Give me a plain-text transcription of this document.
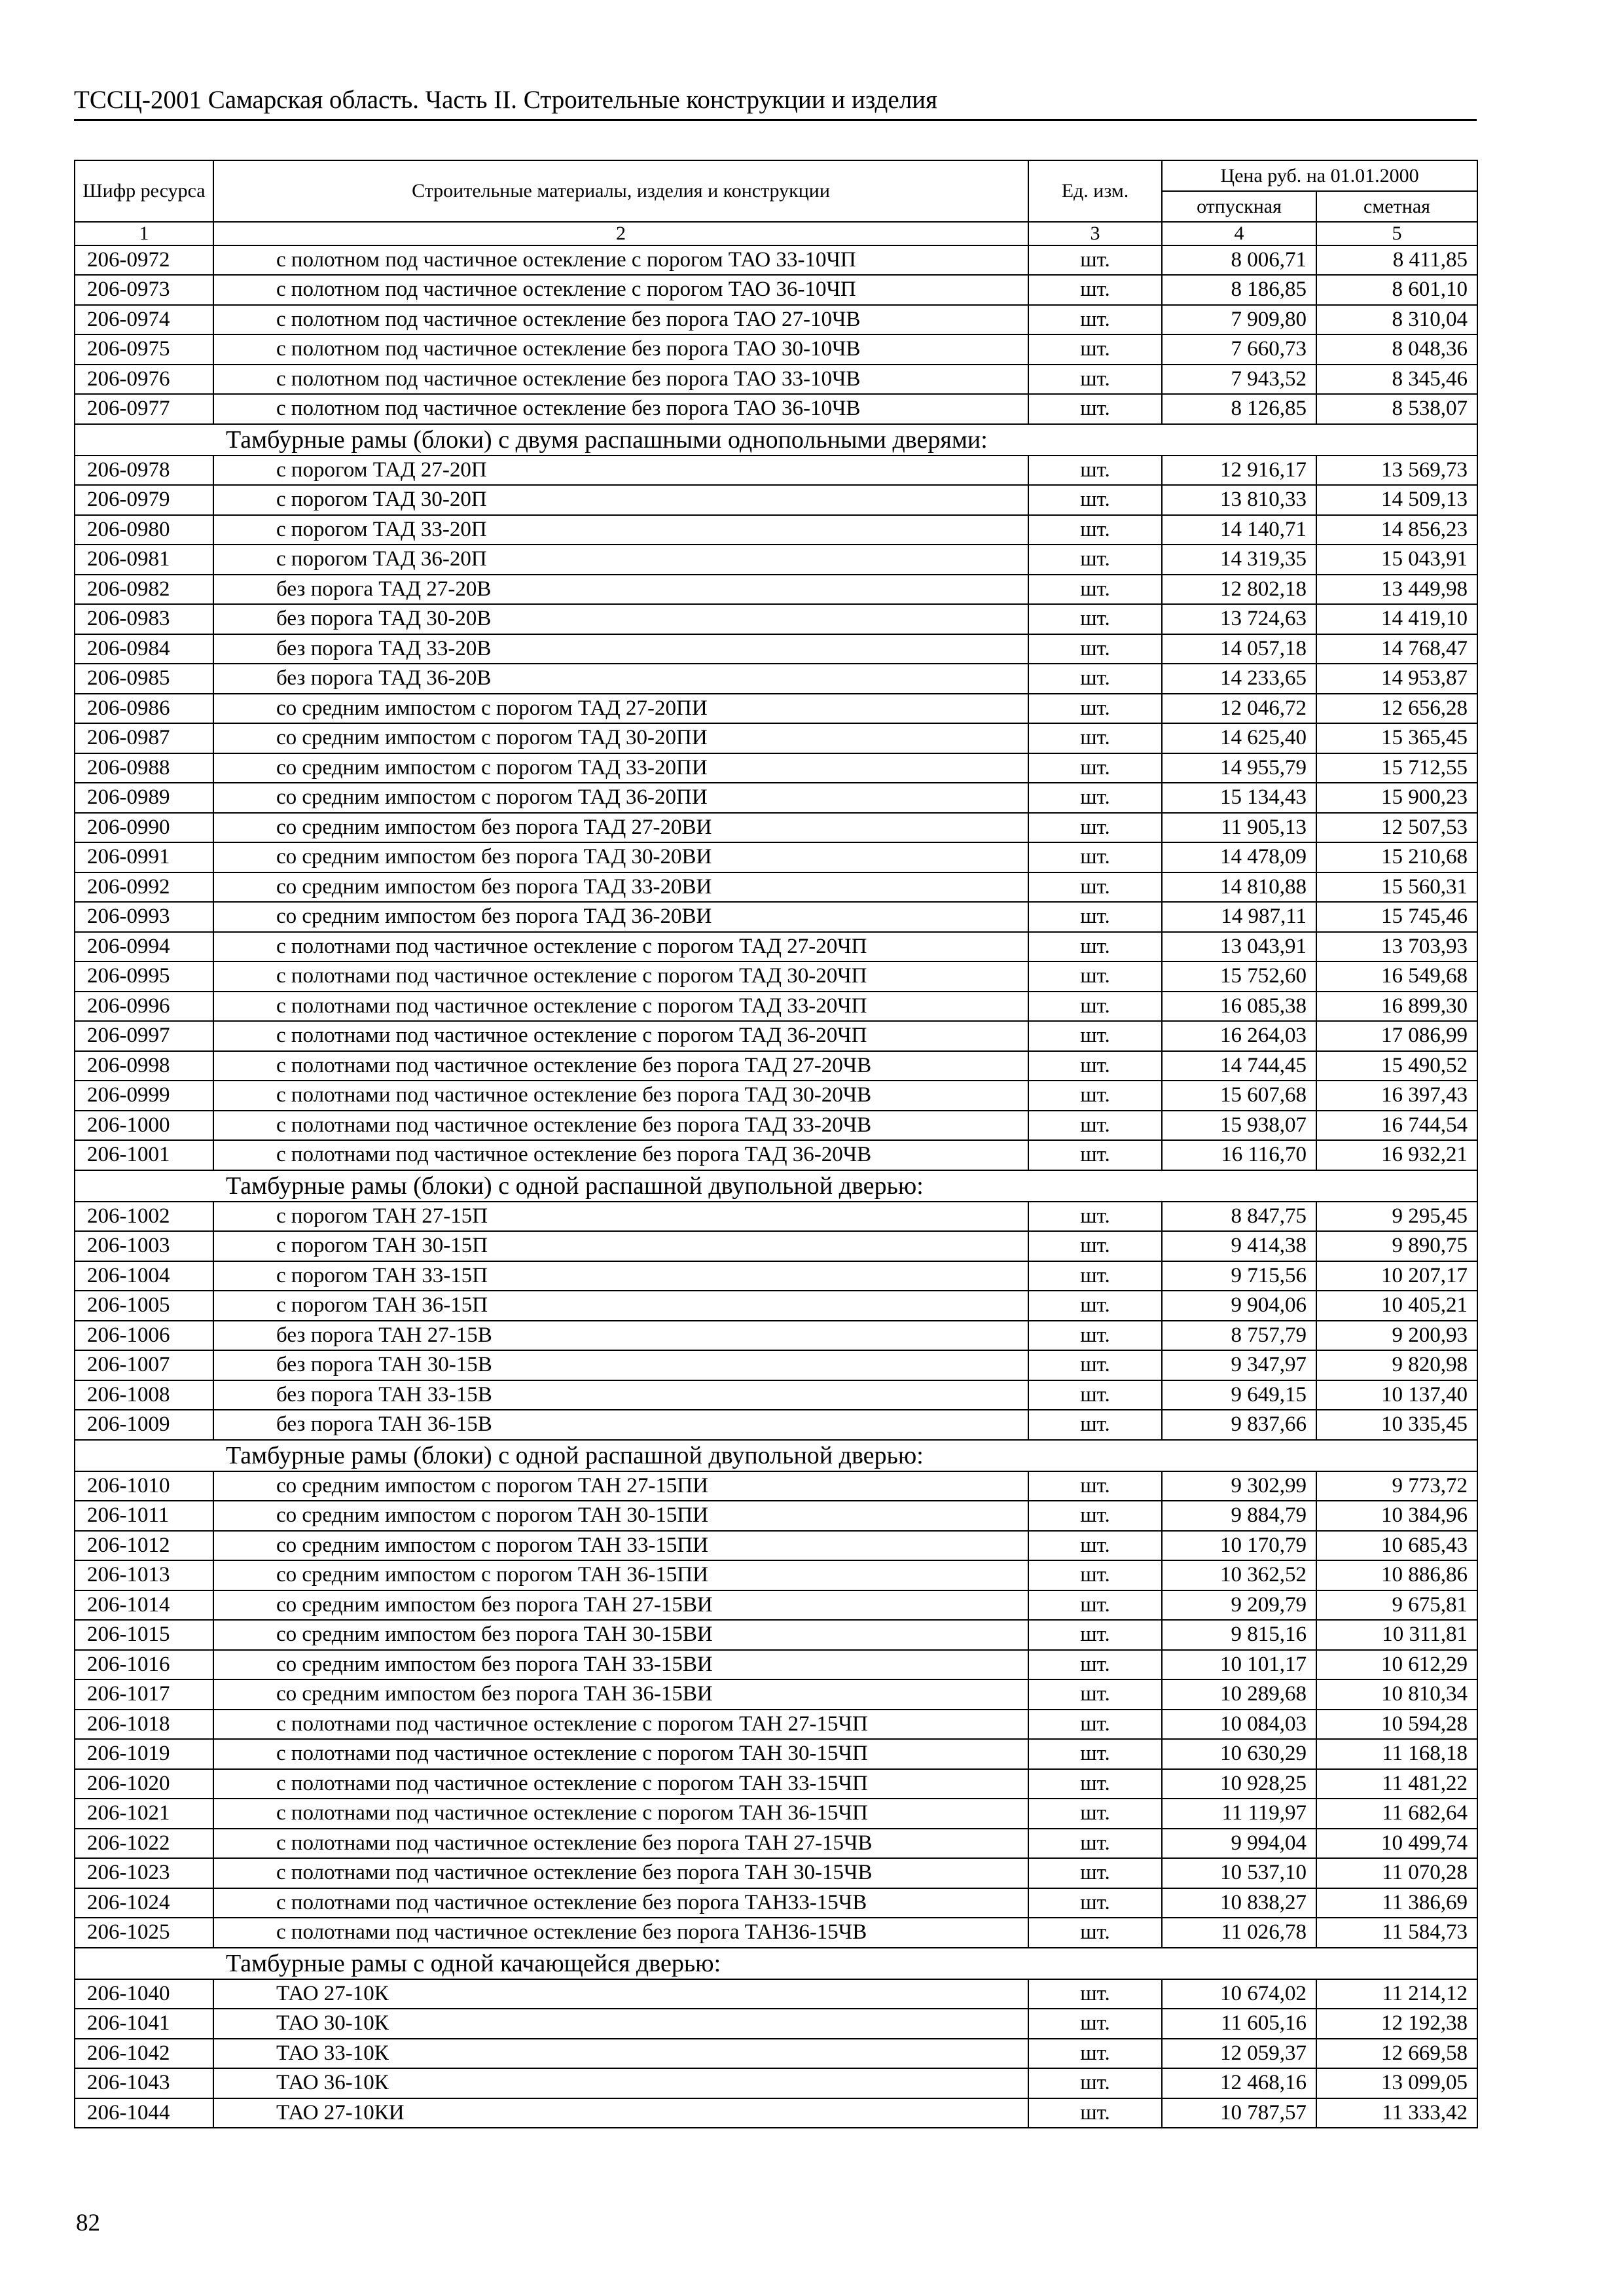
ТССЦ-2001 Самарская область. Часть II. Строительные конструкции и изделия
Шифр ресурса	Строительные материалы, изделия и конструкции	Ед. изм.	Цена руб. на 01.01.2000	
			отпускная	сметная
1	2	3	4	5
206-0972	с полотном под частичное остекление с порогом ТАО 33-10ЧП	шт.	8 006,71	8 411,85
206-0973	с полотном под частичное остекление с порогом ТАО 36-10ЧП	шт.	8 186,85	8 601,10
206-0974	с полотном под частичное остекление без порога ТАО 27-10ЧВ	шт.	7 909,80	8 310,04
206-0975	с полотном под частичное остекление без порога ТАО 30-10ЧВ	шт.	7 660,73	8 048,36
206-0976	с полотном под частичное остекление без порога ТАО 33-10ЧВ	шт.	7 943,52	8 345,46
206-0977	с полотном под частичное остекление без порога ТАО 36-10ЧВ	шт.	8 126,85	8 538,07
Тамбурные рамы (блоки) с двумя распашными однопольными дверями:				
206-0978	с порогом ТАД 27-20П	шт.	12 916,17	13 569,73
206-0979	с порогом ТАД 30-20П	шт.	13 810,33	14 509,13
206-0980	с порогом ТАД 33-20П	шт.	14 140,71	14 856,23
206-0981	с порогом ТАД 36-20П	шт.	14 319,35	15 043,91
206-0982	без порога ТАД 27-20В	шт.	12 802,18	13 449,98
206-0983	без порога ТАД 30-20В	шт.	13 724,63	14 419,10
206-0984	без порога ТАД 33-20В	шт.	14 057,18	14 768,47
206-0985	без порога ТАД 36-20В	шт.	14 233,65	14 953,87
206-0986	со средним импостом с порогом ТАД 27-20ПИ	шт.	12 046,72	12 656,28
206-0987	со средним импостом с порогом ТАД 30-20ПИ	шт.	14 625,40	15 365,45
206-0988	со средним импостом с порогом ТАД 33-20ПИ	шт.	14 955,79	15 712,55
206-0989	со средним импостом с порогом ТАД 36-20ПИ	шт.	15 134,43	15 900,23
206-0990	со средним импостом без порога ТАД 27-20ВИ	шт.	11 905,13	12 507,53
206-0991	со средним импостом без порога ТАД 30-20ВИ	шт.	14 478,09	15 210,68
206-0992	со средним импостом без порога ТАД 33-20ВИ	шт.	14 810,88	15 560,31
206-0993	со средним импостом без порога ТАД 36-20ВИ	шт.	14 987,11	15 745,46
206-0994	с полотнами под частичное остекление с порогом ТАД 27-20ЧП	шт.	13 043,91	13 703,93
206-0995	с полотнами под частичное остекление с порогом ТАД 30-20ЧП	шт.	15 752,60	16 549,68
206-0996	с полотнами под частичное остекление с порогом ТАД 33-20ЧП	шт.	16 085,38	16 899,30
206-0997	с полотнами под частичное остекление с порогом ТАД 36-20ЧП	шт.	16 264,03	17 086,99
206-0998	с полотнами под частичное остекление без порога ТАД 27-20ЧВ	шт.	14 744,45	15 490,52
206-0999	с полотнами под частичное остекление без порога ТАД 30-20ЧВ	шт.	15 607,68	16 397,43
206-1000	с полотнами под частичное остекление без порога ТАД 33-20ЧВ	шт.	15 938,07	16 744,54
206-1001	с полотнами под частичное остекление без порога ТАД 36-20ЧВ	шт.	16 116,70	16 932,21
Тамбурные рамы (блоки) с одной распашной двупольной дверью:				
206-1002	с порогом ТАН 27-15П	шт.	8 847,75	9 295,45
206-1003	с порогом ТАН 30-15П	шт.	9 414,38	9 890,75
206-1004	с порогом ТАН 33-15П	шт.	9 715,56	10 207,17
206-1005	с порогом ТАН 36-15П	шт.	9 904,06	10 405,21
206-1006	без порога ТАН 27-15В	шт.	8 757,79	9 200,93
206-1007	без порога ТАН 30-15В	шт.	9 347,97	9 820,98
206-1008	без порога ТАН 33-15В	шт.	9 649,15	10 137,40
206-1009	без порога ТАН 36-15В	шт.	9 837,66	10 335,45
Тамбурные рамы (блоки) с одной распашной двупольной дверью:				
206-1010	со средним импостом с порогом ТАН 27-15ПИ	шт.	9 302,99	9 773,72
206-1011	со средним импостом с порогом ТАН 30-15ПИ	шт.	9 884,79	10 384,96
206-1012	со средним импостом с порогом ТАН 33-15ПИ	шт.	10 170,79	10 685,43
206-1013	со средним импостом с порогом ТАН 36-15ПИ	шт.	10 362,52	10 886,86
206-1014	со средним импостом без порога ТАН 27-15ВИ	шт.	9 209,79	9 675,81
206-1015	со средним импостом без порога ТАН 30-15ВИ	шт.	9 815,16	10 311,81
206-1016	со средним импостом без порога ТАН 33-15ВИ	шт.	10 101,17	10 612,29
206-1017	со средним импостом без порога ТАН 36-15ВИ	шт.	10 289,68	10 810,34
206-1018	с полотнами под частичное остекление с порогом ТАН 27-15ЧП	шт.	10 084,03	10 594,28
206-1019	с полотнами под частичное остекление с порогом ТАН 30-15ЧП	шт.	10 630,29	11 168,18
206-1020	с полотнами под частичное остекление с порогом ТАН 33-15ЧП	шт.	10 928,25	11 481,22
206-1021	с полотнами под частичное остекление с порогом ТАН 36-15ЧП	шт.	11 119,97	11 682,64
206-1022	с полотнами под частичное остекление без порога ТАН 27-15ЧВ	шт.	9 994,04	10 499,74
206-1023	с полотнами под частичное остекление без порога ТАН 30-15ЧВ	шт.	10 537,10	11 070,28
206-1024	с полотнами под частичное остекление без порога ТАН33-15ЧВ	шт.	10 838,27	11 386,69
206-1025	с полотнами под частичное остекление без порога ТАН36-15ЧВ	шт.	11 026,78	11 584,73
Тамбурные рамы с одной качающейся дверью:				
206-1040	ТАО 27-10К	шт.	10 674,02	11 214,12
206-1041	ТАО 30-10К	шт.	11 605,16	12 192,38
206-1042	ТАО 33-10К	шт.	12 059,37	12 669,58
206-1043	ТАО 36-10К	шт.	12 468,16	13 099,05
206-1044	ТАО 27-10КИ	шт.	10 787,57	11 333,42
82
